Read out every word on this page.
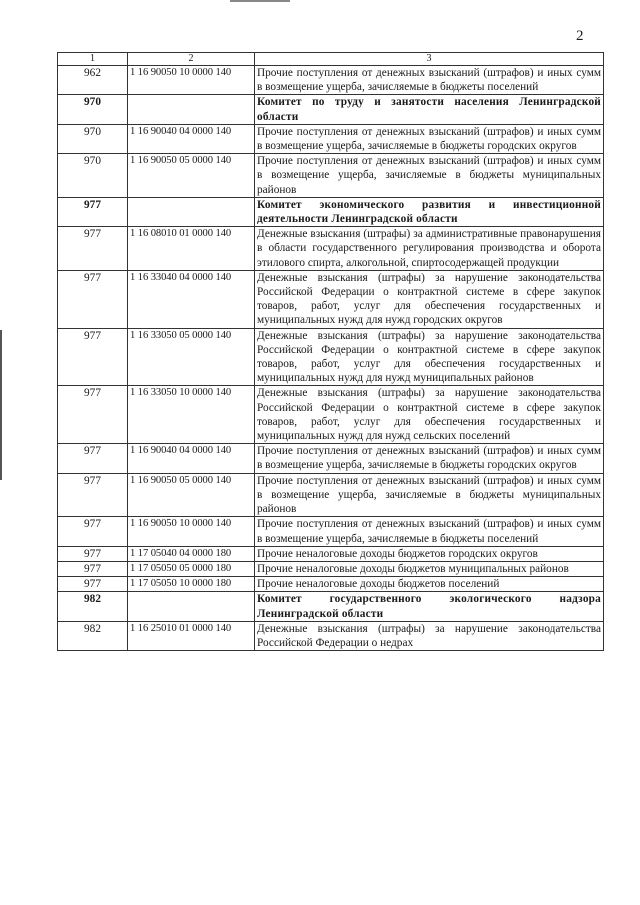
2
1	2	3
962	1 16 90050 10 0000 140	Прочие поступления от денежных взысканий (штрафов) и иных сумм в возмещение ущерба, зачисляемые в бюджеты поселений
970		Комитет по труду и занятости населения Ленинградской области
970	1 16 90040 04 0000 140	Прочие поступления от денежных взысканий (штрафов) и иных сумм в возмещение ущерба, зачисляемые в бюджеты городских округов
970	1 16 90050 05 0000 140	Прочие поступления от денежных взысканий (штрафов) и иных сумм в возмещение ущерба, зачисляемые в бюджеты муниципальных районов
977		Комитет экономического развития и инвестиционной деятельности Ленинградской области
977	1 16 08010 01 0000 140	Денежные взыскания (штрафы) за административные правонарушения в области государственного регулирования производства и оборота этилового спирта, алкогольной, спиртосодержащей продукции
977	1 16 33040 04 0000 140	Денежные взыскания (штрафы) за нарушение законодательства Российской Федерации о контрактной системе в сфере закупок товаров, работ, услуг для обеспечения государственных и муниципальных нужд для нужд городских округов
977	1 16 33050 05 0000 140	Денежные взыскания (штрафы) за нарушение законодательства Российской Федерации о контрактной системе в сфере закупок товаров, работ, услуг для обеспечения государственных и муниципальных нужд для нужд муниципальных районов
977	1 16 33050 10 0000 140	Денежные взыскания (штрафы) за нарушение законодательства Российской Федерации о контрактной системе в сфере закупок товаров, работ, услуг для обеспечения государственных и муниципальных нужд для нужд сельских поселений
977	1 16 90040 04 0000 140	Прочие поступления от денежных взысканий (штрафов) и иных сумм в возмещение ущерба, зачисляемые в бюджеты городских округов
977	1 16 90050 05 0000 140	Прочие поступления от денежных взысканий (штрафов) и иных сумм в возмещение ущерба, зачисляемые в бюджеты муниципальных районов
977	1 16 90050 10 0000 140	Прочие поступления от денежных взысканий (штрафов) и иных сумм в возмещение ущерба, зачисляемые в бюджеты поселений
977	1 17 05040 04 0000 180	Прочие неналоговые доходы бюджетов городских округов
977	1 17 05050 05 0000 180	Прочие неналоговые доходы бюджетов муниципальных районов
977	1 17 05050 10 0000 180	Прочие неналоговые доходы бюджетов поселений
982		Комитет государственного экологического надзора Ленинградской области
982	1 16 25010 01 0000 140	Денежные взыскания (штрафы) за нарушение законодательства Российской Федерации о недрах
